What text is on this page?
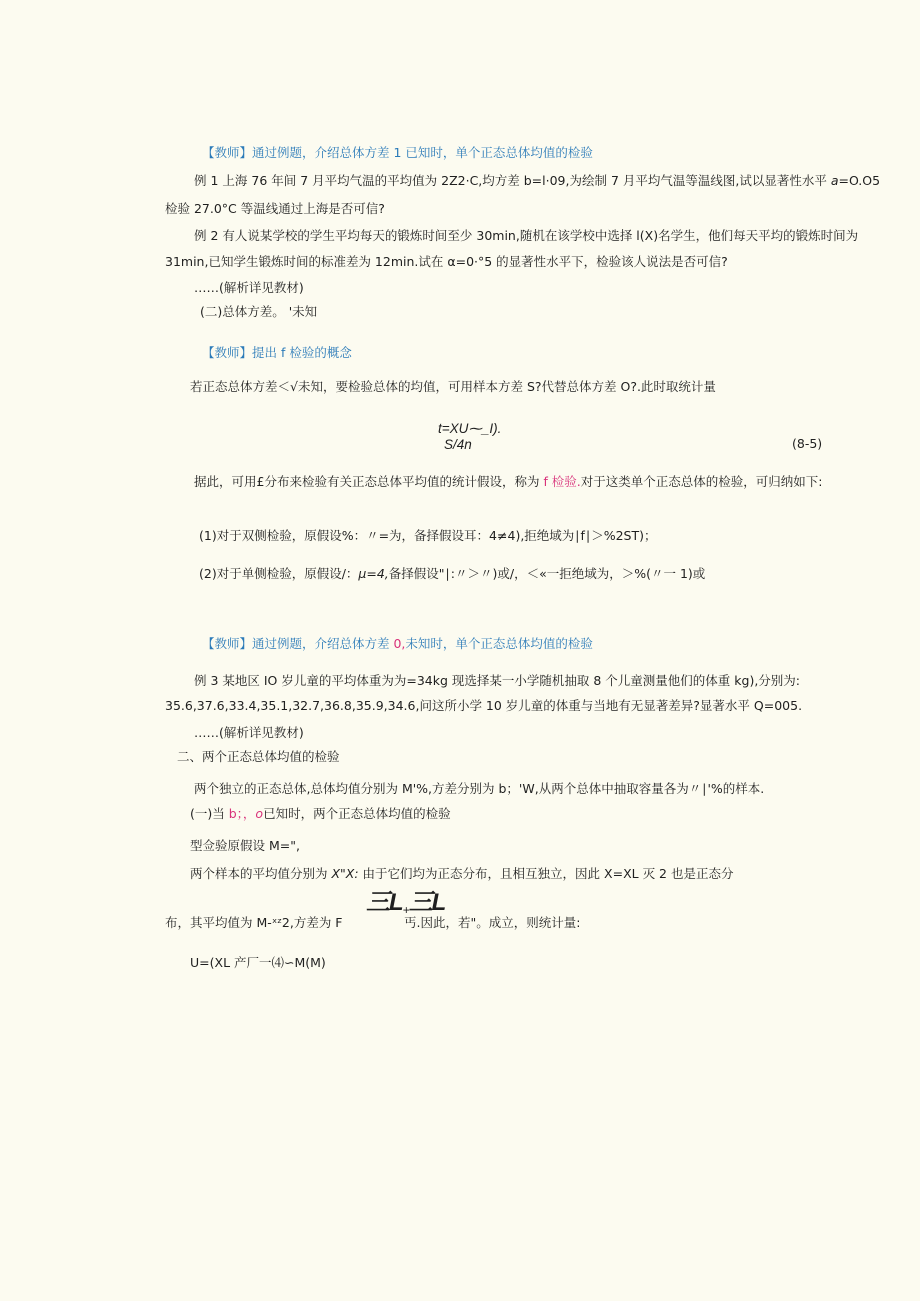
【教师】通过例题，介绍总体方差 1 已知时，单个正态总体均值的检验
例 1 上海 76 年间 7 月平均气温的平均值为 2Z2·C,均方差 b=l·09,为绘制 7 月平均气温等温线图,试以显著性水平 a=O.O5
检验 27.0°C 等温线通过上海是否可信?
例 2 有人说某学校的学生平均每天的锻炼时间至少 30min,随机在该学校中选择 l(X)名学生，他们每天平均的锻炼时间为
31min,已知学生锻炼时间的标准差为 12min.试在 α=0·°5 的显著性水平下，检验该人说法是否可信?
……(解析详见教材)
(二)总体方差。 '未知
【教师】提出 f 检验的概念
若正态总体方差＜√未知，要检验总体的均值，可用样本方差 S?代替总体方差 O?.此时取统计量
t=XU⁓_I).
S/4n	(8-5)
据此，可用£分布来检验有关正态总体平均值的统计假设，称为 f 检验.对于这类单个正态总体的检验，可归纳如下:
(1)对于双侧检验，原假设%：〃=为，备择假设耳：4≠4),拒绝域为∣f∣＞%2ST)；
(2)对于单侧检验，原假设/：μ=4,备择假设"∣:〃＞〃)或/，＜«一拒绝域为，＞%(〃一 1)或
【教师】通过例题，介绍总体方差 0,未知时，单个正态总体均值的检验
例 3 某地区 IO 岁儿童的平均体重为为=34kg 现选择某一小学随机抽取 8 个儿童测量他们的体重 kg),分别为:
35.6,37.6,33.4,35.1,32.7,36.8,35.9,34.6,问这所小学 10 岁儿童的体重与当地有无显著差异?显著水平 Q=005.
……(解析详见教材)
二、两个正态总体均值的检验
两个独立的正态总体,总体均值分别为 M'%,方差分别为 b；'W,从两个总体中抽取容量各为〃∣'%的样本.
(一)当 b；，o已知时，两个正态总体均值的检验
型佥验原假设 M=",
两个样本的平均值分别为 X"X: 由于它们均为正态分布，且相互独立，因此 X=XL 灭 2 也是正态分
三L+三L
布，其平均值为 M-ˣᶻ2,方差为 F	丐.因此，若"。成立，则统计量:
U=(XL 产厂一⑷∽M(M)
